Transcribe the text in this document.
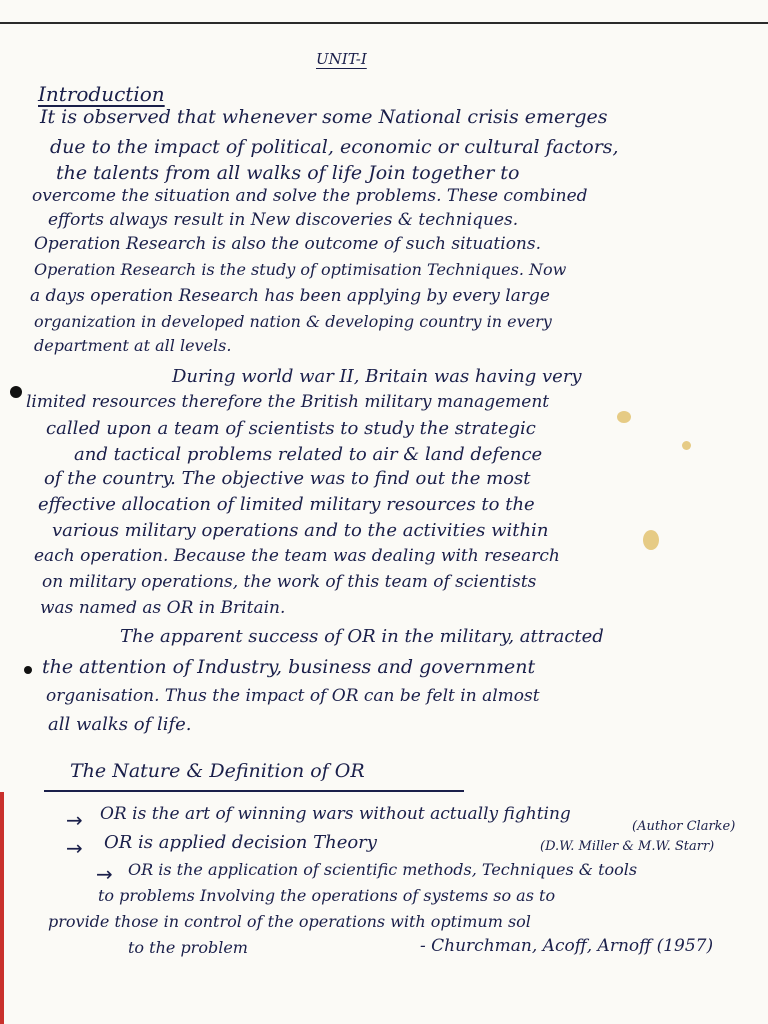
UNIT-I
Introduction
It is observed that whenever some National crisis emerges
due to the impact of political, economic or cultural factors,
the talents from all walks of life Join together to
overcome the situation and solve the problems. These combined
efforts always result in New discoveries & techniques.
Operation Research is also the outcome of such situations.
Operation Research is the study of optimisation Techniques. Now
a days operation Research has been applying by every large
organization in developed nation & developing country in every
department at all levels.
During world war II, Britain was having very
limited resources therefore the British military management
called upon a team of scientists to study the strategic
and tactical problems related to air & land defence
of the country. The objective was to find out the most
effective allocation of limited military resources to the
various military operations and to the activities within
each operation. Because the team was dealing with research
on military operations, the work of this team of scientists
was named as OR in Britain.
The apparent success of OR in the military, attracted
the attention of Industry, business and government
organisation. Thus the impact of OR can be felt in almost
all walks of life.
The Nature & Definition of OR
→ OR is the art of winning wars without actually fighting
(Author Clarke)
→ OR is applied decision Theory	(D.W. Miller & M.W. Starr)
→ OR is the application of scientific methods, Techniques & tools
to problems Involving the operations of systems so as to
provide those in control of the operations with optimum sol
to the problem	- Churchman, Acoff, Arnoff (1957)
